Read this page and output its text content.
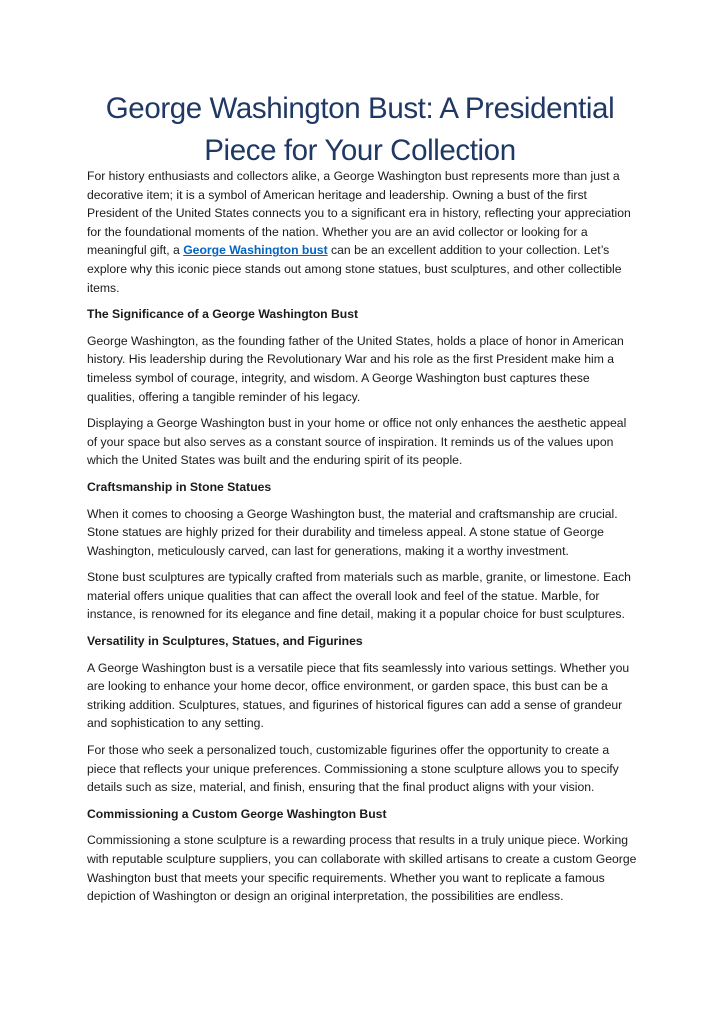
George Washington Bust: A Presidential
Piece for Your Collection

For history enthusiasts and collectors alike, a George Washington bust represents more than just a decorative item; it is a symbol of American heritage and leadership. Owning a bust of the first President of the United States connects you to a significant era in history, reflecting your appreciation for the foundational moments of the nation. Whether you are an avid collector or looking for a meaningful gift, a George Washington bust can be an excellent addition to your collection. Let’s explore why this iconic piece stands out among stone statues, bust sculptures, and other collectible items.

The Significance of a George Washington Bust

George Washington, as the founding father of the United States, holds a place of honor in American history. His leadership during the Revolutionary War and his role as the first President make him a timeless symbol of courage, integrity, and wisdom. A George Washington bust captures these qualities, offering a tangible reminder of his legacy.

Displaying a George Washington bust in your home or office not only enhances the aesthetic appeal of your space but also serves as a constant source of inspiration. It reminds us of the values upon which the United States was built and the enduring spirit of its people.

Craftsmanship in Stone Statues

When it comes to choosing a George Washington bust, the material and craftsmanship are crucial. Stone statues are highly prized for their durability and timeless appeal. A stone statue of George Washington, meticulously carved, can last for generations, making it a worthy investment.

Stone bust sculptures are typically crafted from materials such as marble, granite, or limestone. Each material offers unique qualities that can affect the overall look and feel of the statue. Marble, for instance, is renowned for its elegance and fine detail, making it a popular choice for bust sculptures.

Versatility in Sculptures, Statues, and Figurines

A George Washington bust is a versatile piece that fits seamlessly into various settings. Whether you are looking to enhance your home decor, office environment, or garden space, this bust can be a striking addition. Sculptures, statues, and figurines of historical figures can add a sense of grandeur and sophistication to any setting.

For those who seek a personalized touch, customizable figurines offer the opportunity to create a piece that reflects your unique preferences. Commissioning a stone sculpture allows you to specify details such as size, material, and finish, ensuring that the final product aligns with your vision.

Commissioning a Custom George Washington Bust

Commissioning a stone sculpture is a rewarding process that results in a truly unique piece. Working with reputable sculpture suppliers, you can collaborate with skilled artisans to create a custom George Washington bust that meets your specific requirements. Whether you want to replicate a famous depiction of Washington or design an original interpretation, the possibilities are endless.
